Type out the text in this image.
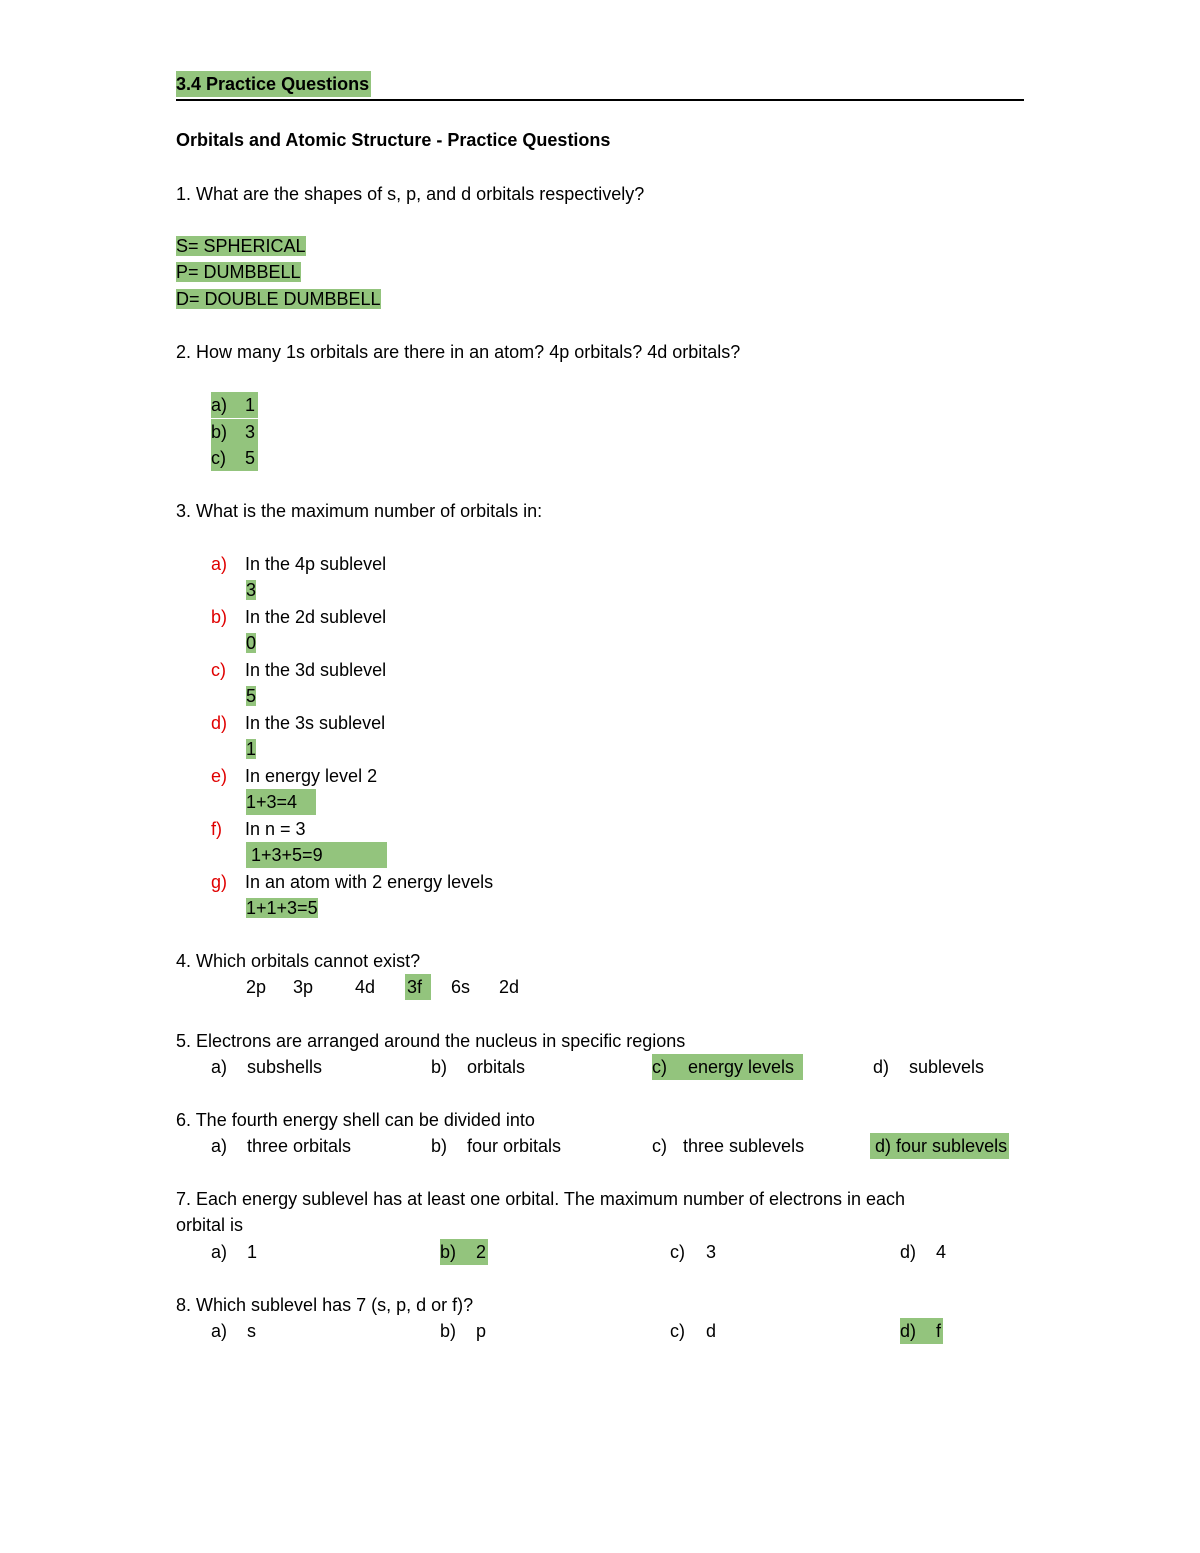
3.4 Practice Questions
Orbitals and Atomic Structure - Practice Questions
1. What are the shapes of s, p, and d orbitals respectively?
S= SPHERICAL
P= DUMBBELL
D= DOUBLE DUMBBELL
2. How many 1s orbitals are there in an atom? 4p orbitals? 4d orbitals?
a) 1
b) 3
c) 5
3. What is the maximum number of orbitals in:
a) In the 4p sublevel
3
b) In the 2d sublevel
0
c) In the 3d sublevel
5
d) In the 3s sublevel
1
e) In energy level 2
1+3=4
f) In n = 3
1+3+5=9
g) In an atom with 2 energy levels
1+1+3=5
4. Which orbitals cannot exist?
2p 3p 4d 3f 6s 2d
5. Electrons are arranged around the nucleus in specific regions
a) subshells	b) orbitals	c) energy levels	d) sublevels
6. The fourth energy shell can be divided into
a) three orbitals	b) four orbitals	c) three sublevels	d) four sublevels
7. Each energy sublevel has at least one orbital. The maximum number of electrons in each
orbital is
a) 1	b) 2	c) 3	d) 4
8. Which sublevel has 7 (s, p, d or f)?
a) s	b) p	c) d	d) f
